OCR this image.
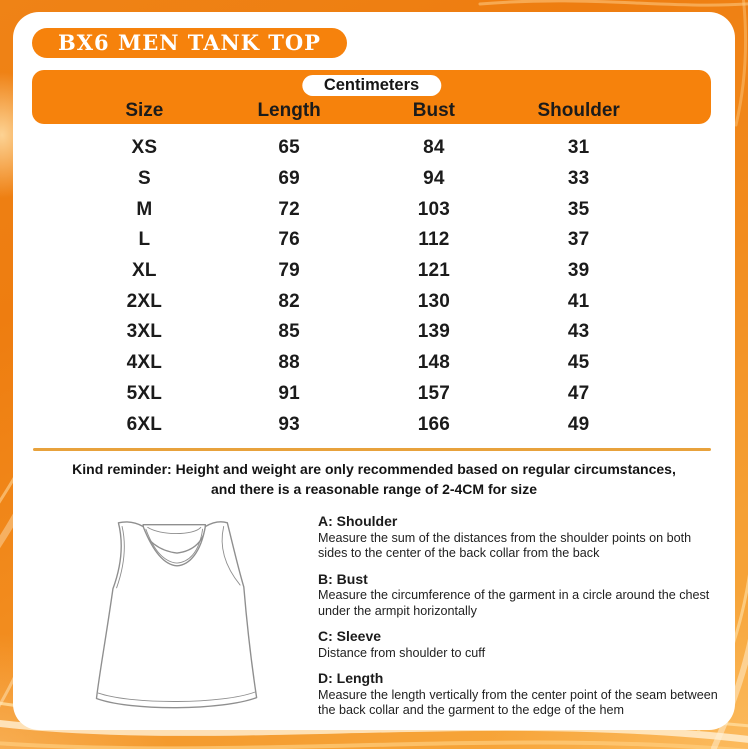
BX6 MEN TANK TOP
Centimeters
Size	Length	Bust	Shoulder
XS	65	84	31
S	69	94	33
M	72	103	35
L	76	112	37
XL	79	121	39
2XL	82	130	41
3XL	85	139	43
4XL	88	148	45
5XL	91	157	47
6XL	93	166	49
Kind reminder: Height and weight are only recommended based on regular circumstances,
and there is a reasonable range of 2-4CM for size
A: Shoulder
Measure the sum of the distances from the shoulder points on both sides to the center of the back collar from the back
B: Bust
Measure the circumference of the garment in a circle around the chest under the armpit horizontally
C: Sleeve
Distance from shoulder to cuff
D: Length
Measure the length vertically from the center point of the seam between the back collar and the garment to the edge of the hem
